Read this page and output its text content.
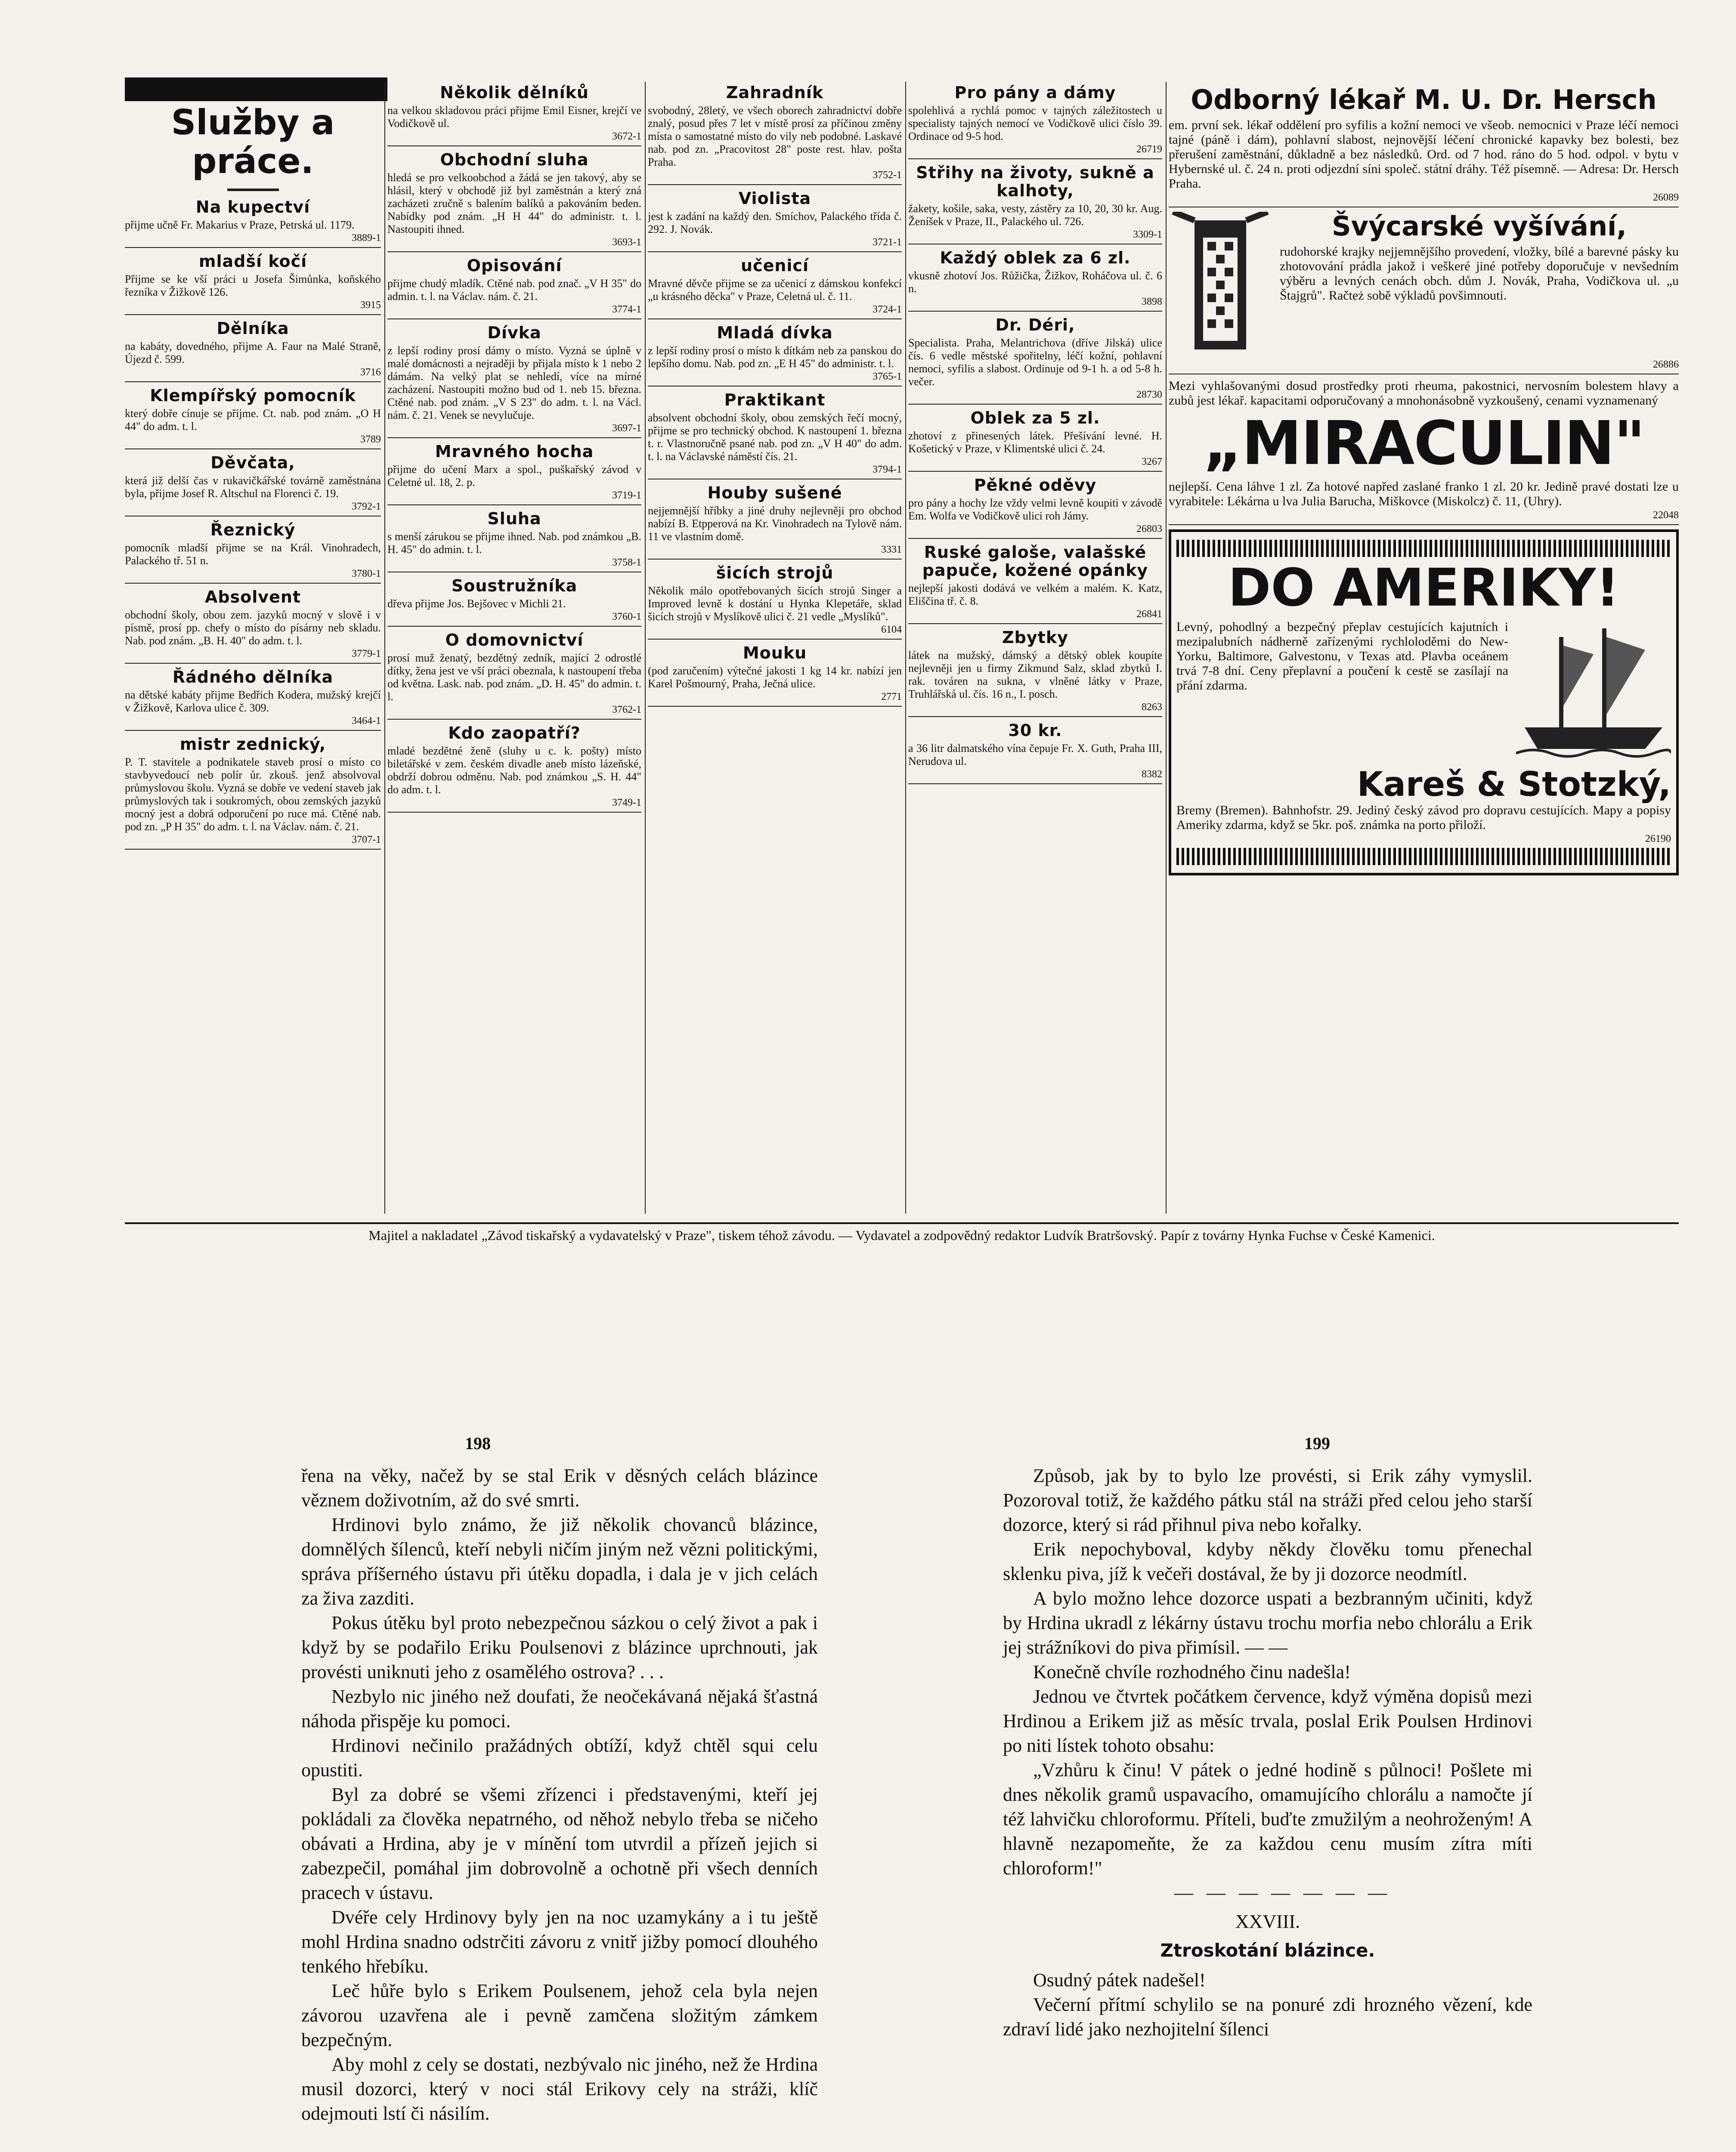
Služby a práce.
Na kupectví

přijme učně Fr. Makarius v Praze, Petrská ul. 1179.

3889-1
mladší kočí

Přijme se ke vší práci u Josefa Šimůnka, koňského řezníka v Žižkově 126.

3915
Dělníka

na kabáty, dovedného, přijme A. Faur na Malé Straně, Újezd č. 599.

3716
Klempířský pomocník

který dobře cínuje se přijme. Ct. nab. pod znám. „O H 44" do adm. t. l.

3789
Děvčata,

která již delší čas v rukavičkářské továrně zaměstnána byla, přijme Josef R. Altschul na Florenci č. 19.

3792-1
Řeznický

pomocník mladší přijme se na Král. Vinohradech, Palackého tř. 51 n.

3780-1
Absolvent

obchodní školy, obou zem. jazyků mocný v slově i v písmě, prosí pp. chefy o místo do písárny neb skladu. Nab. pod znám. „B. H. 40" do adm. t. l.

3779-1
Řádného dělníka

na dětské kabáty přijme Bedřich Kodera, mužský krejčí v Žižkově, Karlova ulice č. 309.

3464-1
mistr zednický,

P. T. stavitele a podnikatele staveb prosí o místo co stavbyvedoucí neb polír ůr. zkouš. jenž absolvoval průmyslovou školu. Vyzná se dobře ve vedení staveb jak průmyslových tak i soukromých, obou zemských jazyků mocný jest a dobrá odporučení po ruce má. Ctěné nab. pod zn. „P H 35" do adm. t. l. na Václav. nám. č. 21.

3707-1
Několik dělníků

na velkou skladovou práci přijme Emil Eisner, krejčí ve Vodičkově ul.

3672-1
Obchodní sluha

hledá se pro velkoobchod a žádá se jen takový, aby se hlásil, který v obchodě již byl zaměstnán a který zná zacházeti zručně s balením balíků a pakováním beden. Nabídky pod znám. „H H 44" do administr. t. l. Nastoupiti ihned.

3693-1
Opisování

přijme chudý mladík. Ctěné nab. pod znač. „V H 35" do admin. t. l. na Václav. nám. č. 21.

3774-1
Dívka

z lepší rodiny prosí dámy o místo. Vyzná se úplně v malé domácnosti a nejraději by přijala místo k 1 nebo 2 dámám. Na velký plat se nehledí, více na mírné zacházení. Nastoupiti možno bud od 1. neb 15. března. Ctěné nab. pod znám. „V S 23" do adm. t. l. na Václ. nám. č. 21. Venek se nevylučuje.

3697-1
Mravného hocha

přijme do učení Marx a spol., puškařský závod v Celetné ul. 18, 2. p.

3719-1
Sluha

s menší zárukou se přijme ihned. Nab. pod známkou „B. H. 45" do admin. t. l.

3758-1
Soustružníka

dřeva přijme Jos. Bejšovec v Michli 21.

3760-1
O domovnictví

prosí muž ženatý, bezdětný zedník, mající 2 odrostlé dítky, žena jest ve vší práci obeznala, k nastoupení třeba od května. Lask. nab. pod znám. „D. H. 45" do admin. t. l.

3762-1
Kdo zaopatří?

mladé bezdětné ženě (sluhy u c. k. pošty) místo biletářské v zem. českém divadle aneb místo lázeňské, obdrží dobrou odměnu. Nab. pod známkou „S. H. 44" do adm. t. l.

3749-1
Zahradník

svobodný, 28letý, ve všech oborech zahradnictví dobře znalý, posud přes 7 let v místě prosí za příčinou změny místa o samostatné místo do vily neb podobné. Laskavé nab. pod zn. „Pracovitost 28" poste rest. hlav. pošta Praha.

3752-1
Violista

jest k zadání na každý den. Smíchov, Palackého třída č. 292. J. Novák.

3721-1
učenicí

Mravné děvče přijme se za učenicí z dámskou konfekcí „u krásného děcka" v Praze, Celetná ul. č. 11.

3724-1
Mladá dívka

z lepší rodiny prosí o místo k dítkám neb za panskou do lepšího domu. Nab. pod zn. „E H 45" do administr. t. l.

3765-1
Praktikant

absolvent obchodní školy, obou zemských řečí mocný, přijme se pro technický obchod. K nastoupení 1. března t. r. Vlastnoručně psané nab. pod zn. „V H 40" do adm. t. l. na Václavské náměstí čís. 21.

3794-1
Houby sušené

nejjemnější hříbky a jiné druhy nejlevněji pro obchod nabízí B. Etpperová na Kr. Vinohradech na Tylově nám. 11 ve vlastním domě.

3331
šicích strojů

Několik málo opotřebovaných šicích strojů Singer a Improved levně k dostání u Hynka Klepetáře, sklad šicích strojů v Myslíkově ulici č. 21 vedle „Myslíků".

6104
Mouku

(pod zaručením) výtečné jakosti 1 kg 14 kr. nabízí jen Karel Pošmourný, Praha, Ječná ulice.

2771
Pro pány a dámy

spolehlivá a rychlá pomoc v tajných záležitostech u specialisty tajných nemocí ve Vodičkově ulici číslo 39. Ordinace od 9-5 hod.

26719
Střihy na životy, sukně a kalhoty,

žakety, košile, saka, vesty, zástěry za 10, 20, 30 kr. Aug. Ženíšek v Praze, II., Palackého ul. 726.

3309-1
Každý oblek za 6 zl.

vkusně zhotoví Jos. Růžička, Žižkov, Roháčova ul. č. 6 n.

3898
Dr. Déri,

Specialista. Praha, Melantrichova (dříve Jilská) ulice čís. 6 vedle městské spořitelny, léčí kožní, pohlavní nemoci, syfilis a slabost. Ordinuje od 9-1 h. a od 5-8 h. večer.

28730
Oblek za 5 zl.

zhotoví z přinesených látek. Přešívání levné. H. Košetický v Praze, v Klimentské ulici č. 24.

3267
Pěkné oděvy

pro pány a hochy lze vždy velmi levně koupiti v závodě Em. Wolfa ve Vodičkově ulici roh Jámy.

26803
Ruské galoše, valašské papuče, kožené opánky

nejlepší jakosti dodává ve velkém a malém. K. Katz, Eliščina tř. č. 8.

26841
Zbytky

látek na mužský, dámský a dětský oblek koupíte nejlevněji jen u firmy Zikmund Salz, sklad zbytků I. rak. továren na sukna, v vlněné látky v Praze, Truhlářská ul. čís. 16 n., I. posch.

8263
30 kr.

a 36 litr dalmatského vína čepuje Fr. X. Guth, Praha III, Nerudova ul.

8382
Odborný lékař M. U. Dr. Hersch

em. první sek. lékař oddělení pro syfilis a kožní nemoci ve všeob. nemocnici v Praze léčí nemoci tajné (páně i dám), pohlavní slabost, nejnovější léčení chronické kapavky bez bolesti, bez přerušení zaměstnání, důkladně a bez následků. Ord. od 7 hod. ráno do 5 hod. odpol. v bytu v Hybernské ul. č. 24 n. proti odjezdní síni společ. státní dráhy. Též písemně. — Adresa: Dr. Hersch Praha.

26089
Švýcarské vyšívání,

rudohorské krajky nejjemnějšího provedení, vložky, bílé a barevné pásky ku zhotovování prádla jakož i veškeré jiné potřeby doporučuje v nevšedním výběru a levných cenách obch. dům J. Novák, Praha, Vodičkova ul. „u Štajgrů". Račteż sobě výkladů povšimnouti.

26886

Mezi vyhlašovanými dosud prostředky proti rheuma, pakostnici, nervosním bolestem hlavy a zubů jest lékař. kapacitami odporučovaný a mnohonásobně vyzkoušený, cenami vyznamenaný

„MIRACULIN"

nejlepší. Cena láhve 1 zl. Za hotové napřed zaslané franko 1 zl. 20 kr. Jedině pravé dostati lze u vyrabitele: Lékárna u lva Julia Barucha, Miškovce (Miskolcz) č. 11, (Uhry).

22048
DO AMERIKY!

Levný, pohodlný a bezpečný přeplav cestujících kajutních i mezipalubních nádherně zařízenými rychloloděmi do New-Yorku, Baltimore, Galvestonu, v Texas atd. Plavba oceánem trvá 7-8 dní. Ceny přeplavní a poučení k cestě se zasílají na přání zdarma.

Kareš & Stotzký,

Bremy (Bremen). Bahnhofstr. 29. Jediný český závod pro dopravu cestujících. Mapy a popisy Ameriky zdarma, když se 5kr. poš. známka na porto přiloží.

26190
Majitel a nakladatel „Závod tiskařský a vydavatelský v Praze", tiskem téhož závodu. — Vydavatel a zodpovědný redaktor Ludvík Bratršovský. Papír z továrny Hynka Fuchse v České Kamenici.
198	199

řena na věky, načež by se stal Erik v děsných celách blázince věznem doživotním, až do své smrti.

Hrdinovi bylo známo, že již několik chovanců blázince, domnělých šílenců, kteří nebyli ničím jiným než vězni politickými, správa příšerného ústavu při útěku dopadla, i dala je v jich celách za živa zazditi.

Pokus útěku byl proto nebezpečnou sázkou o celý život a pak i když by se podařilo Eriku Poulsenovi z blázince uprchnouti, jak provésti uniknuti jeho z osamělého ostrova? . . .

Nezbylo nic jiného než doufati, že neočekávaná nějaká šťastná náhoda přispěje ku pomoci.

Hrdinovi nečinilo pražádných obtíží, když chtěl squi celu opustiti.

Byl za dobré se všemi zřízenci i představenými, kteří jej pokládali za člověka nepatrného, od něhož nebylo třeba se ničeho obávati a Hrdina, aby je v mínění tom utvrdil a přízeň jejich si zabezpečil, pomáhal jim dobrovolně a ochotně při všech denních pracech v ústavu.

Dvéře cely Hrdinovy byly jen na noc uzamykány a i tu ještě mohl Hrdina snadno odstrčiti závoru z vnitř jižby pomocí dlouhého tenkého hřebíku.

Leč hůře bylo s Erikem Poulsenem, jehož cela byla nejen závorou uzavřena ale i pevně zamčena složitým zámkem bezpečným.

Aby mohl z cely se dostati, nezbývalo nic jiného, než že Hrdina musil dozorci, který v noci stál Erikovy cely na stráži, klíč odejmouti lstí či násilím.

Způsob, jak by to bylo lze provésti, si Erik záhy vymyslil. Pozoroval totiž, že každého pátku stál na stráži před celou jeho starší dozorce, který si rád přihnul piva nebo kořalky.

Erik nepochyboval, kdyby někdy člověku tomu přenechal sklenku piva, jíž k večeři dostával, že by ji dozorce neodmítl.

A bylo možno lehce dozorce uspati a bezbranným učiniti, když by Hrdina ukradl z lékárny ústavu trochu morfia nebo chlorálu a Erik jej strážníkovi do piva přimísil. — —

Konečně chvíle rozhodného činu nadešla!

Jednou ve čtvrtek počátkem července, když výměna dopisů mezi Hrdinou a Erikem již as měsíc trvala, poslal Erik Poulsen Hrdinovi po niti lístek tohoto obsahu:

„Vzhůru k činu! V pátek o jedné hodině s půlnoci! Pošlete mi dnes několik gramů uspavacího, omamujícího chlorálu a namočte jí též lahvičku chloroformu. Příteli, buďte zmužilým a neohroženým! A hlavně nezapomeňte, že za každou cenu musím zítra míti chloroform!"

— — — — — — —

XXVIII.

Ztroskotání blázince.

Osudný pátek nadešel!

Večerní přítmí schylilo se na ponuré zdi hrozného vězení, kde zdraví lidé jako nezhojitelní šílenci
